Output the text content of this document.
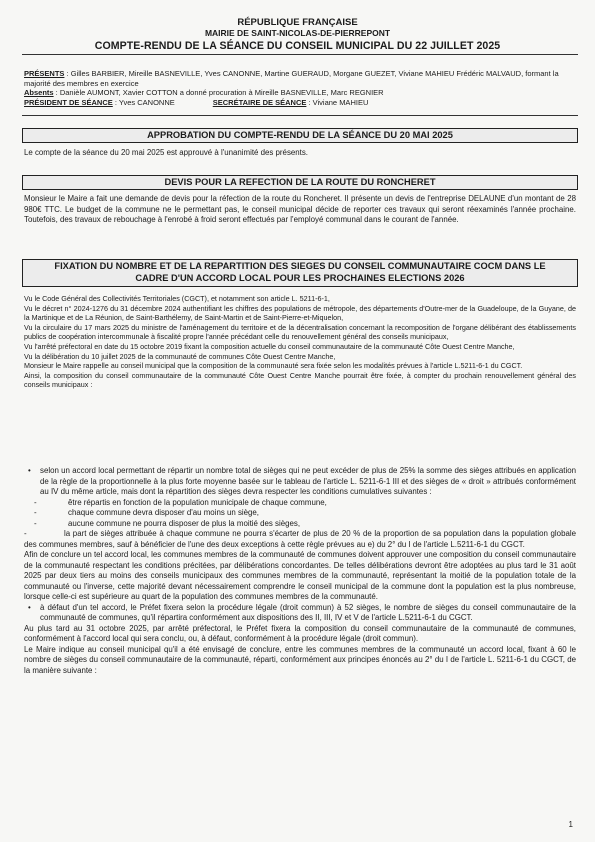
RÉPUBLIQUE FRANÇAISE
MAIRIE DE SAINT-NICOLAS-DE-PIERREPONT
COMPTE-RENDU DE LA SÉANCE DU CONSEIL MUNICIPAL DU 22 JUILLET 2025
PRÉSENTS : Gilles BARBIER, Mireille BASNEVILLE, Yves CANONNE, Martine GUERAUD, Morgane GUEZET, Viviane MAHIEU Frédéric MALVAUD, formant la majorité des membres en exercice
Absents : Danièle AUMONT, Xavier COTTON a donné procuration à Mireille BASNEVILLE, Marc REGNIER
PRÉSIDENT DE SÉANCE : Yves CANONNE	SECRÉTAIRE DE SÉANCE : Viviane MAHIEU
APPROBATION DU COMPTE-RENDU DE LA SÉANCE DU 20 MAI 2025
Le compte de la séance du 20 mai 2025 est approuvé à l'unanimité des présents.
DEVIS POUR LA REFECTION DE LA ROUTE DU RONCHERET
Monsieur le Maire a fait une demande de devis pour la réfection de la route du Roncheret. Il présente un devis de l'entreprise DELAUNE d'un montant de 28 980€ TTC. Le budget de la commune ne le permettant pas, le conseil municipal décide de reporter ces travaux qui seront réexaminés l'année prochaine. Toutefois, des travaux de rebouchage à l'enrobé à froid seront effectués par l'employé communal dans le courant de l'année.
FIXATION DU NOMBRE ET DE LA REPARTITION DES SIEGES DU CONSEIL COMMUNAUTAIRE COCM DANS LE
CADRE D'UN ACCORD LOCAL POUR LES PROCHAINES ELECTIONS 2026

Vu le Code Général des Collectivités Territoriales (CGCT), et notamment son article L. 5211-6-1,

Vu le décret n° 2024-1276 du 31 décembre 2024 authentifiant les chiffres des populations de métropole, des départements d'Outre-mer de la Guadeloupe, de la Guyane, de la Martinique et de La Réunion, de Saint-Barthélemy, de Saint-Martin et de Saint-Pierre-et-Miquelon,

Vu la circulaire du 17 mars 2025 du ministre de l'aménagement du territoire et de la décentralisation concernant la recomposition de l'organe délibérant des établissements publics de coopération intercommunale à fiscalité propre l'année précédant celle du renouvellement général des conseils municipaux,

Vu l'arrêté préfectoral en date du 15 octobre 2019 fixant la composition actuelle du conseil communautaire de la communauté Côte Ouest Centre Manche,

Vu la délibération du 10 juillet 2025 de la communauté de communes Côte Ouest Centre Manche,

Monsieur le Maire rappelle au conseil municipal que la composition de la communauté sera fixée selon les modalités prévues à l'article L.5211-6-1 du CGCT.

Ainsi, la composition du conseil communautaire de la communauté Côte Ouest Centre Manche pourrait être fixée, à compter du prochain renouvellement général des conseils municipaux :

• selon un accord local permettant de répartir un nombre total de sièges qui ne peut excéder de plus de 25% la somme des sièges attribués en application de la règle de la proportionnelle à la plus forte moyenne basée sur le tableau de l'article L. 5211-6-1 III et des sièges de « droit » attribués conformément au IV du même article, mais dont la répartition des sièges devra respecter les conditions cumulatives suivantes :

-	être répartis en fonction de la population municipale de chaque commune,

-	chaque commune devra disposer d'au moins un siège,

-	aucune commune ne pourra disposer de plus la moitié des sièges,

-	la part de sièges attribuée à chaque commune ne pourra s'écarter de plus de 20 % de la proportion de sa population dans la population globale des communes membres, sauf à bénéficier de l'une des deux exceptions à cette règle prévues au e) du 2° du I de l'article L.5211-6-1 du CGCT.

Afin de conclure un tel accord local, les communes membres de la communauté de communes doivent approuver une composition du conseil communautaire de la communauté respectant les conditions précitées, par délibérations concordantes. De telles délibérations devront être adoptées au plus tard le 31 août 2025 par deux tiers au moins des conseils municipaux des communes membres de la communauté, représentant la moitié de la population totale de la communauté ou l'inverse, cette majorité devant nécessairement comprendre le conseil municipal de la commune dont la population est la plus nombreuse, lorsque celle-ci est supérieure au quart de la population des communes membres de la communauté.

• à défaut d'un tel accord, le Préfet fixera selon la procédure légale (droit commun) à 52 sièges, le nombre de sièges du conseil communautaire de la communauté de communes, qu'il répartira conformément aux dispositions des II, III, IV et V de l'article L.5211-6-1 du CGCT.

Au plus tard au 31 octobre 2025, par arrêté préfectoral, le Préfet fixera la composition du conseil communautaire de la communauté de communes, conformément à l'accord local qui sera conclu, ou, à défaut, conformément à la procédure légale (droit commun).

Le Maire indique au conseil municipal qu'il a été envisagé de conclure, entre les communes membres de la communauté un accord local, fixant à 60 le nombre de sièges du conseil communautaire de la communauté, réparti, conformément aux principes énoncés au 2° du I de l'article L. 5211-6-1 du CGCT, de la manière suivante :

1
